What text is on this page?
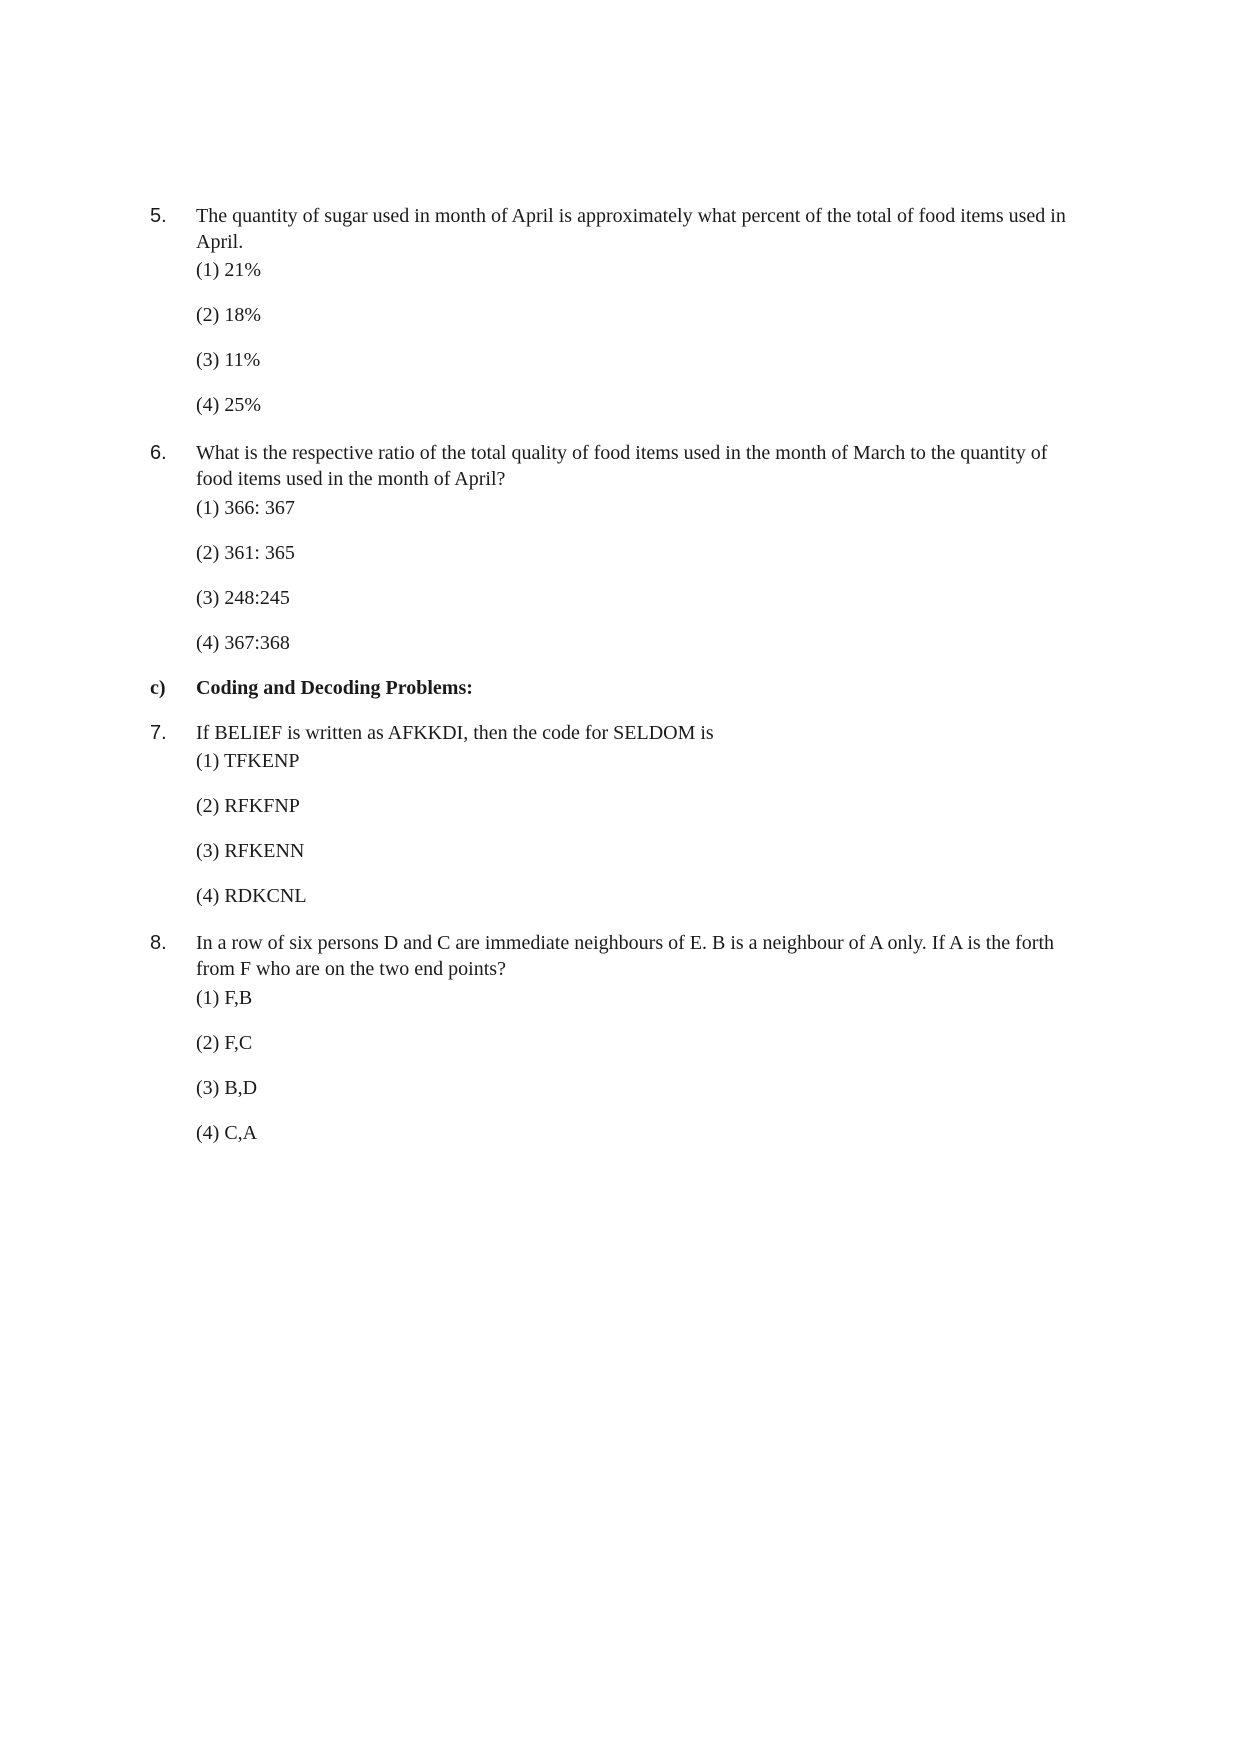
5. The quantity of sugar used in month of April is approximately what percent of the total of food items used in April.
(1) 21%
(2) 18%
(3) 11%
(4) 25%
6. What is the respective ratio of the total quality of food items used in the month of March to the quantity of food items used in the month of April?
(1) 366: 367
(2) 361: 365
(3) 248:245
(4) 367:368
c) Coding and Decoding Problems:
7. If BELIEF is written as AFKKDI, then the code for SELDOM is
(1) TFKENP
(2) RFKFNP
(3) RFKENN
(4) RDKCNL
8. In a row of six persons D and C are immediate neighbours of E. B is a neighbour of A only. If A is the forth from F who are on the two end points?
(1) F,B
(2) F,C
(3) B,D
(4) C,A
